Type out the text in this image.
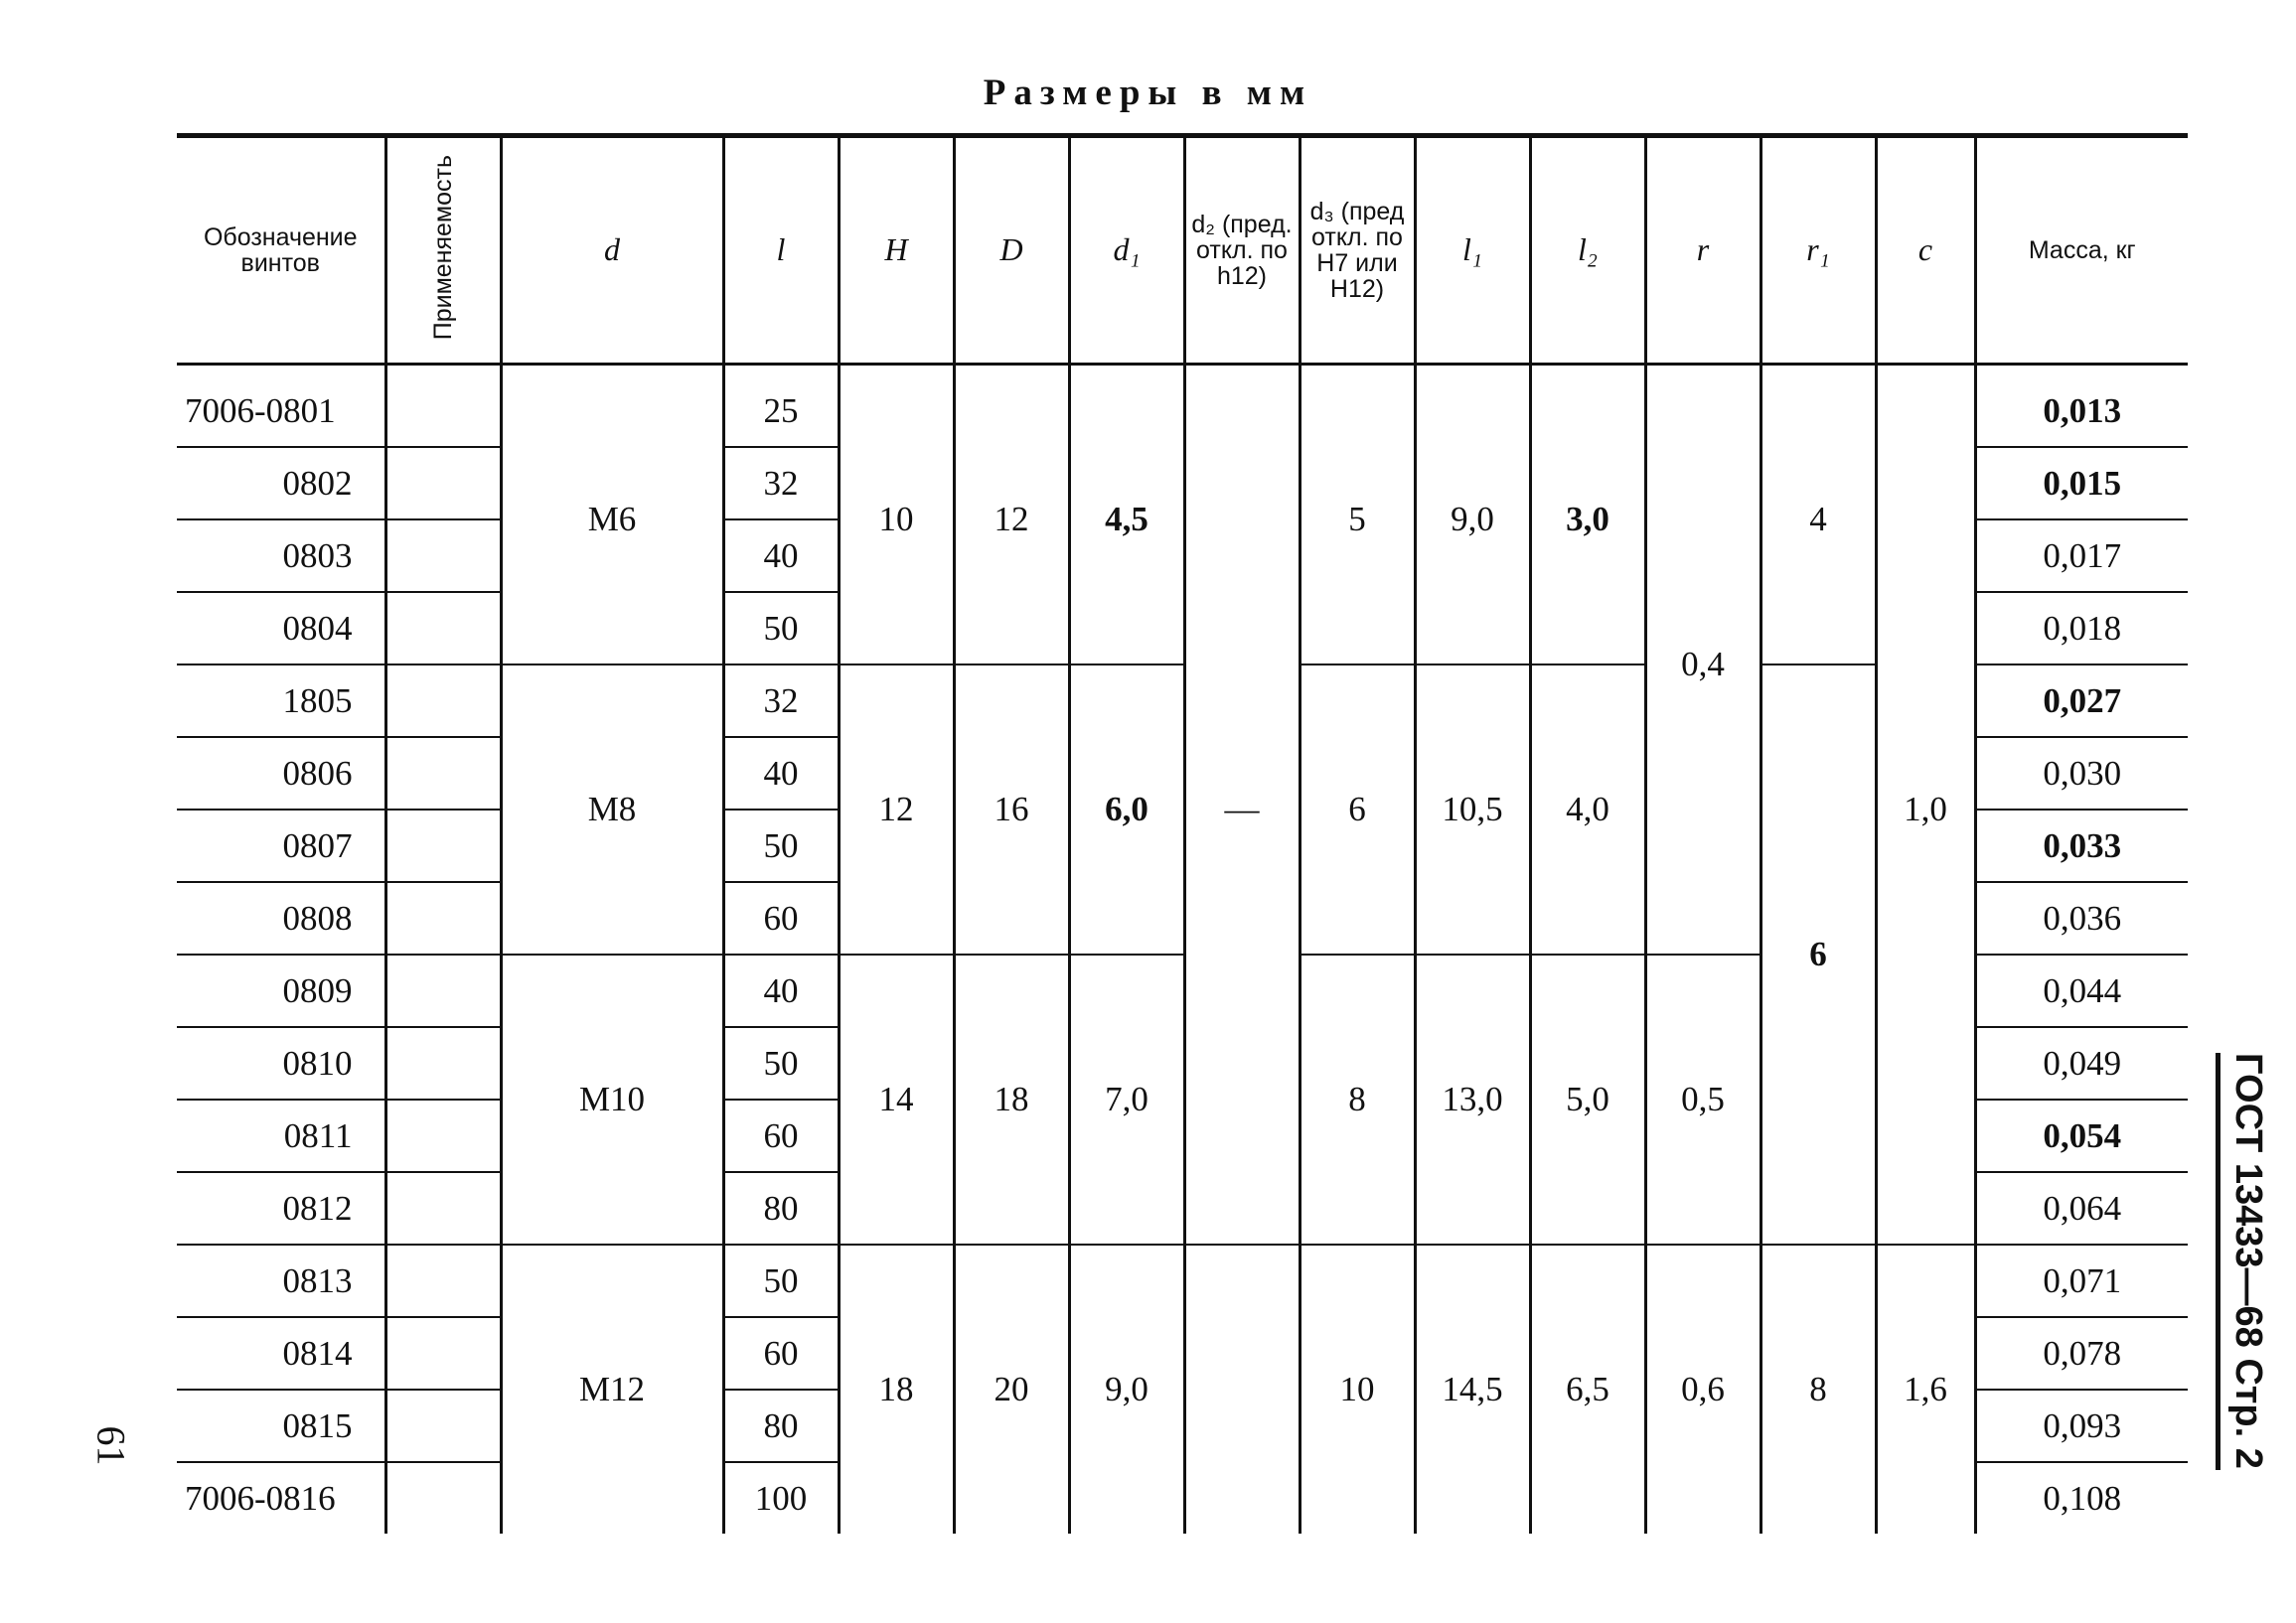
Размеры в мм
Обозначение винтов	Применяемость	d	l	H	D	d₁	d₂ (пред. откл. по h12)	d₃ (пред откл. по H7 или H12)	l₁	l₂	r	r₁	c	Масса, кг
7006-0801		M6	25	10	12	4,5	—	5	9,0	3,0	0,4	4	1,0	0,013
0802			32											0,015
0803			40											0,017
0804			50											0,018
1805		M8	32	12	16	6,0		6	10,5	4,0		6		0,027
0806			40											0,030
0807			50											0,033
0808			60											0,036
0809		M10	40	14	18	7,0		8	13,0	5,0	0,5			0,044
0810			50											0,049
0811			60											0,054
0812			80											0,064
0813		M12	50	18	20	9,0		10	14,5	6,5	0,6	8	1,6	0,071
0814			60											0,078
0815			80											0,093
7006-0816			100											0,108
ГОСТ 13433—68 Стр. 2
61
